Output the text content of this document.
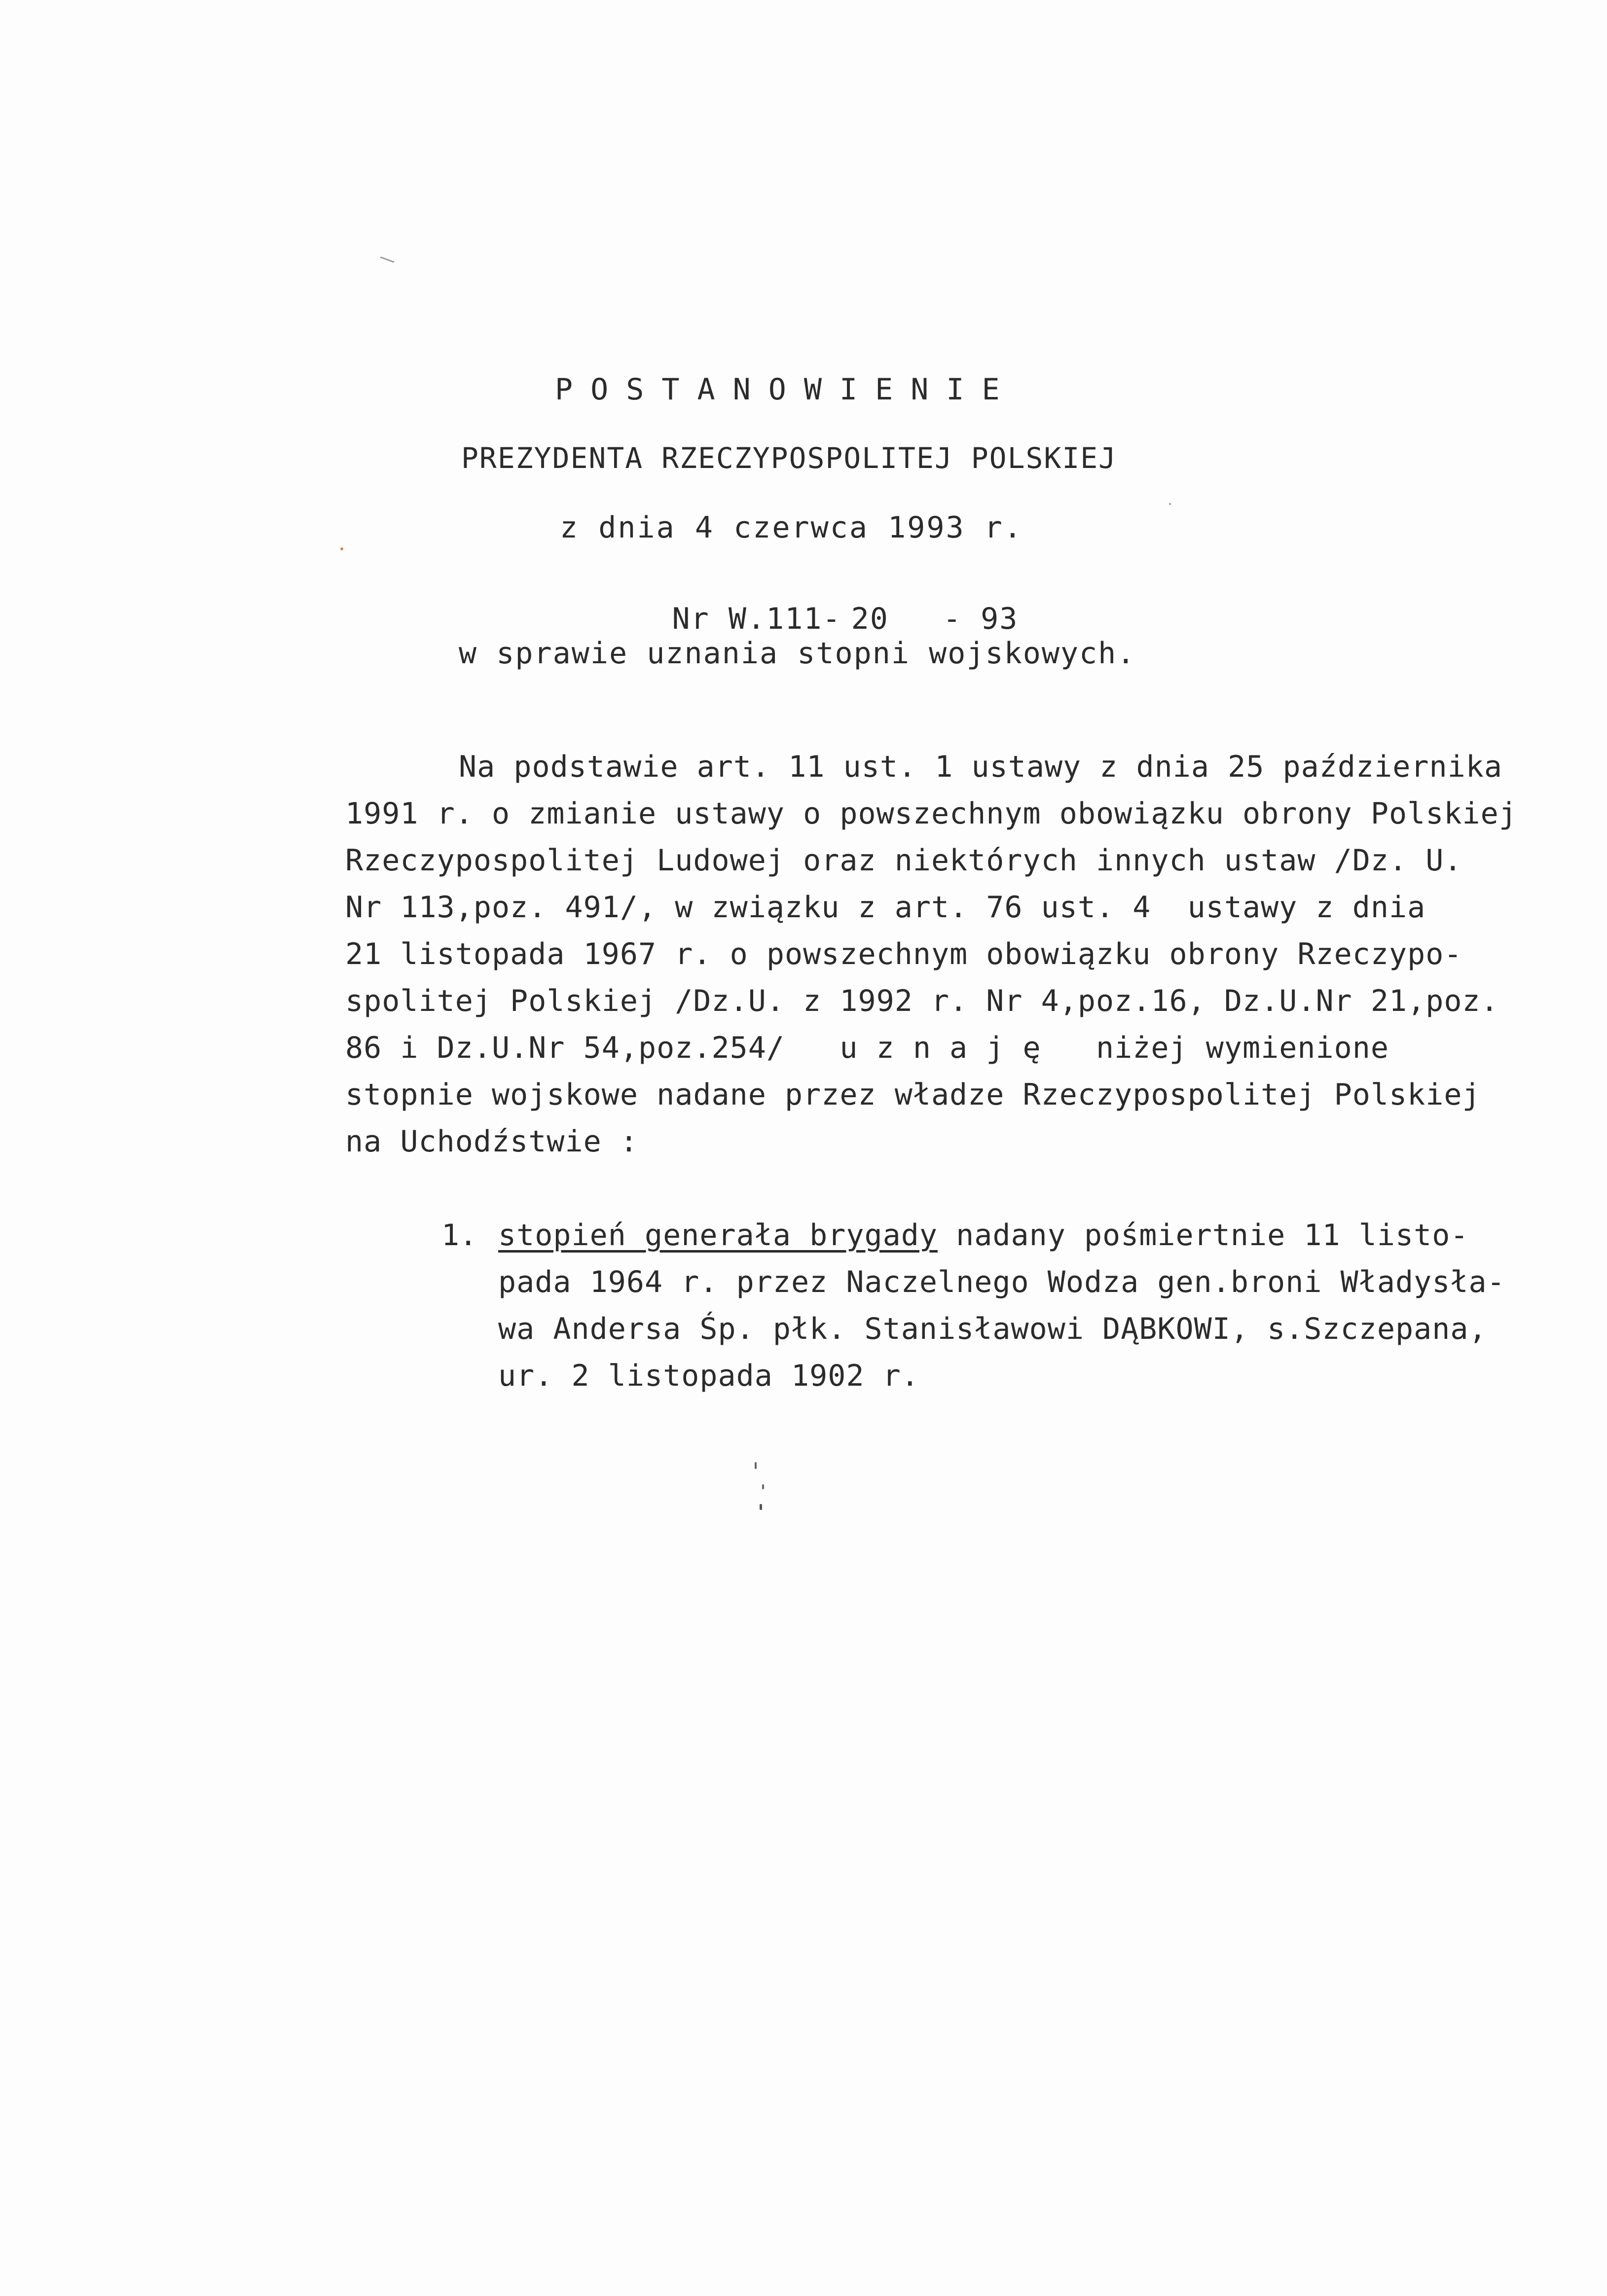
POSTANOWIENIE
PREZYDENTA RZECZYPOSPOLITEJ POLSKIEJ
z dnia 4 czerwca 1993 r.

Nr W.111- 20 - 93

w sprawie uznania stopni wojskowych.
Na podstawie art. 11 ust. 1 ustawy z dnia 25 października
1991 r. o zmianie ustawy o powszechnym obowiązku obrony Polskiej
Rzeczypospolitej Ludowej oraz niektórych innych ustaw /Dz. U.
Nr 113,poz. 491/, w związku z art. 76 ust. 4  ustawy z dnia
21 listopada 1967 r. o powszechnym obowiązku obrony Rzeczypo-
spolitej Polskiej /Dz.U. z 1992 r. Nr 4,poz.16, Dz.U.Nr 21,poz.
86 i Dz.U.Nr 54,poz.254/   u z n a j ę   niżej wymienione
stopnie wojskowe nadane przez władze Rzeczypospolitej Polskiej
na Uchodźstwie :
1. stopień generała brygady nadany pośmiertnie 11 listo-
pada 1964 r. przez Naczelnego Wodza gen.broni Władysła-
wa Andersa Śp. płk. Stanisławowi DĄBKOWI, s.Szczepana,
ur. 2 listopada 1902 r.
